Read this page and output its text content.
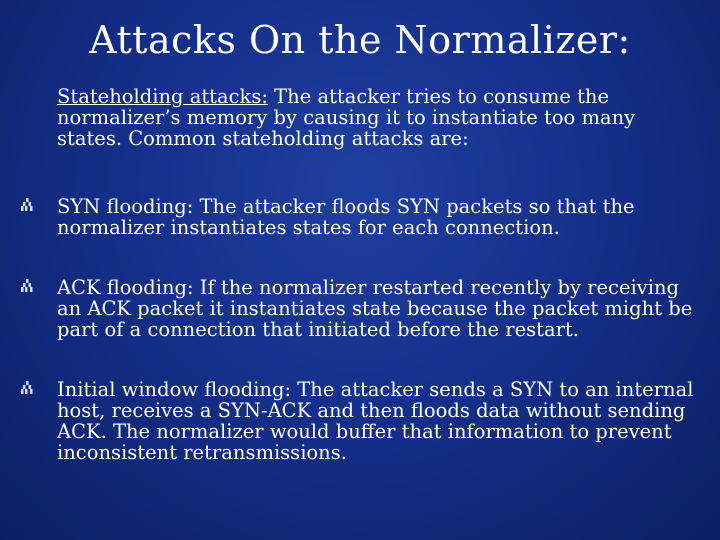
Attacks On the Normalizer:
Stateholding attacks: The attacker tries to consume the normalizer’s memory by causing it to instantiate too many states. Common stateholding attacks are:
SYN flooding: The attacker floods SYN packets so that the normalizer instantiates states for each connection.
ACK flooding: If the normalizer restarted recently by receiving an ACK packet it instantiates state because the packet might be part of a connection that initiated before the restart.
Initial window flooding: The attacker sends a SYN to an internal host, receives a SYN-ACK and then floods data without sending ACK. The normalizer would buffer that information to prevent inconsistent retransmissions.
